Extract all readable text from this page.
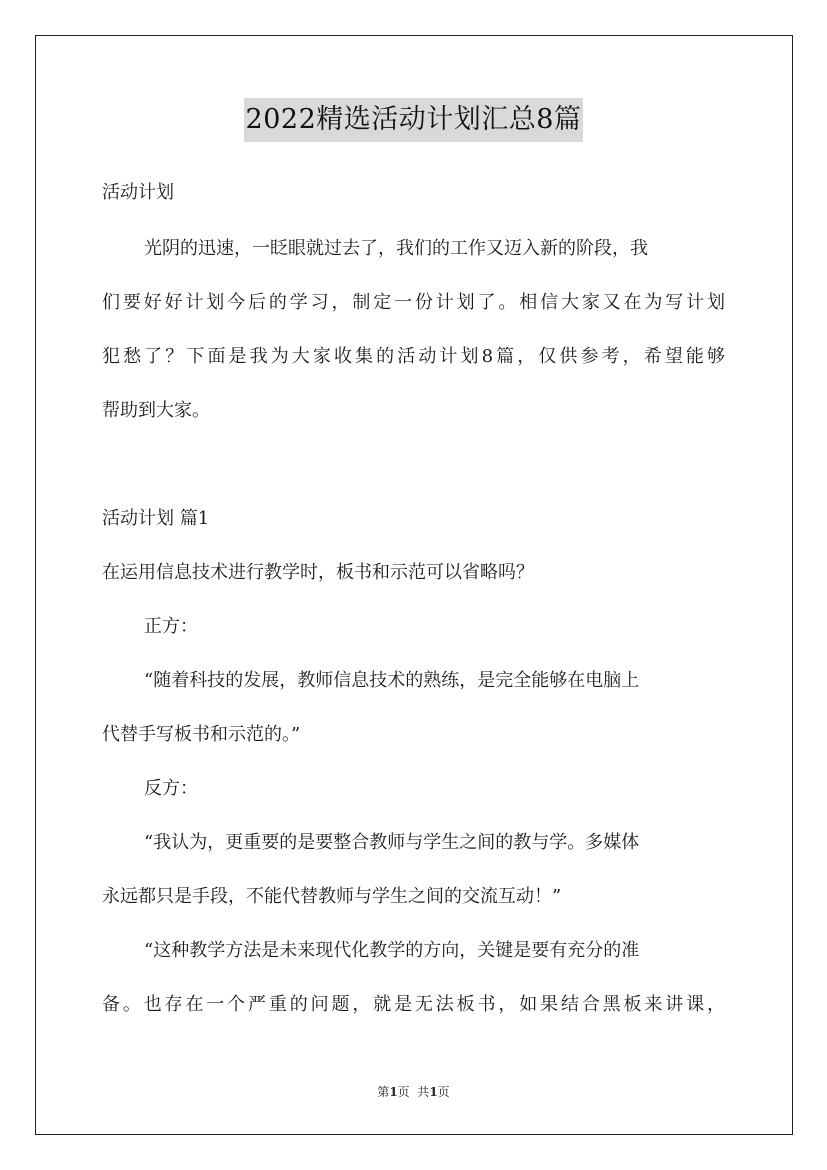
2022精选活动计划汇总8篇
活动计划
光阴的迅速，一眨眼就过去了，我们的工作又迈入新的阶段，我
们要好好计划今后的学习，制定一份计划了。相信大家又在为写计划
犯愁了？下面是我为大家收集的活动计划8篇，仅供参考，希望能够
帮助到大家。
活动计划 篇1
在运用信息技术进行教学时，板书和示范可以省略吗？
正方：
“随着科技的发展，教师信息技术的熟练，是完全能够在电脑上
代替手写板书和示范的。”
反方：
“我认为，更重要的是要整合教师与学生之间的教与学。多媒体
永远都只是手段，不能代替教师与学生之间的交流互动！”
“这种教学方法是未来现代化教学的方向，关键是要有充分的准
备。也存在一个严重的问题，就是无法板书，如果结合黑板来讲课，
第1页  共1页
